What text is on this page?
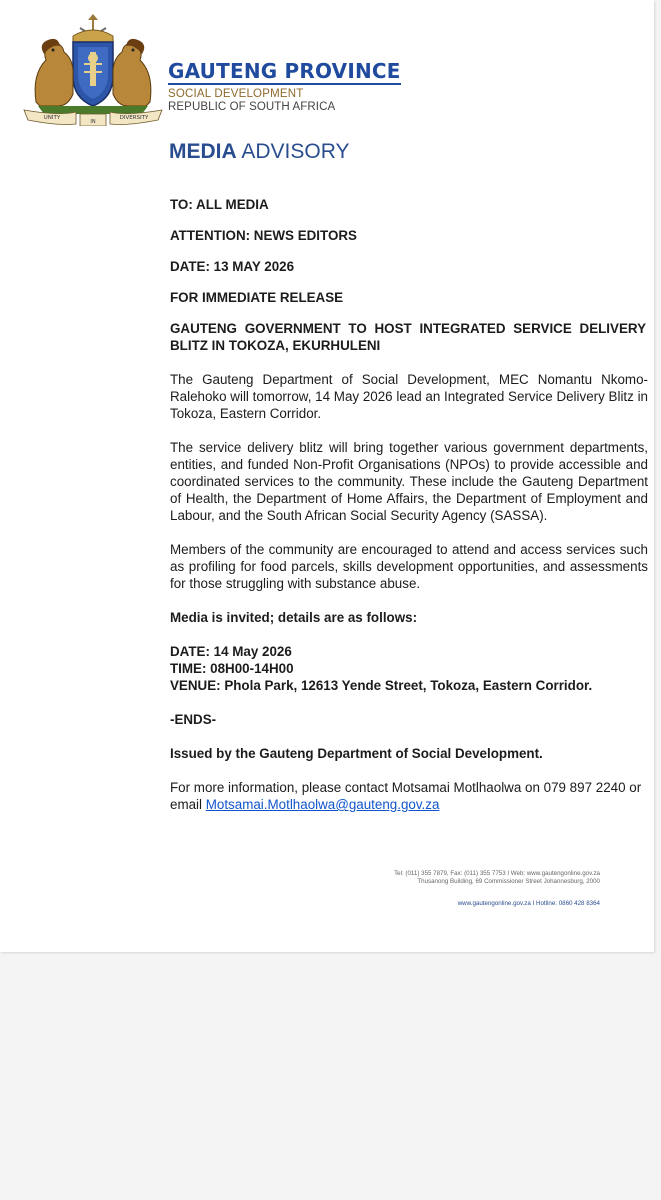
UNITY
IN
DIVERSITY
GAUTENG PROVINCE
SOCIAL DEVELOPMENT
REPUBLIC OF SOUTH AFRICA
MEDIA ADVISORY

TO: ALL MEDIA

ATTENTION: NEWS EDITORS

DATE: 13 MAY 2026

FOR IMMEDIATE RELEASE

GAUTENG GOVERNMENT TO HOST INTEGRATED SERVICE DELIVERY BLITZ IN TOKOZA, EKURHULENI

The Gauteng Department of Social Development, MEC Nomantu Nkomo-Ralehoko will tomorrow, 14 May 2026 lead an Integrated Service Delivery Blitz in Tokoza, Eastern Corridor.

The service delivery blitz will bring together various government departments, entities, and funded Non-Profit Organisations (NPOs) to provide accessible and coordinated services to the community. These include the Gauteng Department of Health, the Department of Home Affairs, the Department of Employment and Labour, and the South African Social Security Agency (SASSA).

Members of the community are encouraged to attend and access services such as profiling for food parcels, skills development opportunities, and assessments for those struggling with substance abuse.

Media is invited; details are as follows:

DATE: 14 May 2026

TIME: 08H00-14H00

VENUE: Phola Park, 12613 Yende Street, Tokoza, Eastern Corridor.

-ENDS-

Issued by the Gauteng Department of Social Development.

For more information, please contact Motsamai Motlhaolwa on 079 897 2240 or email Motsamai.Motlhaolwa@gauteng.gov.za

Tel: (011) 355 7879, Fax: (011) 355 7753 I Web: www.gautengonline.gov.za
Thusanong Building, 69 Commissioner Street Johannesburg, 2000
www.gautengonline.gov.za I Hotline: 0860 428 8364
